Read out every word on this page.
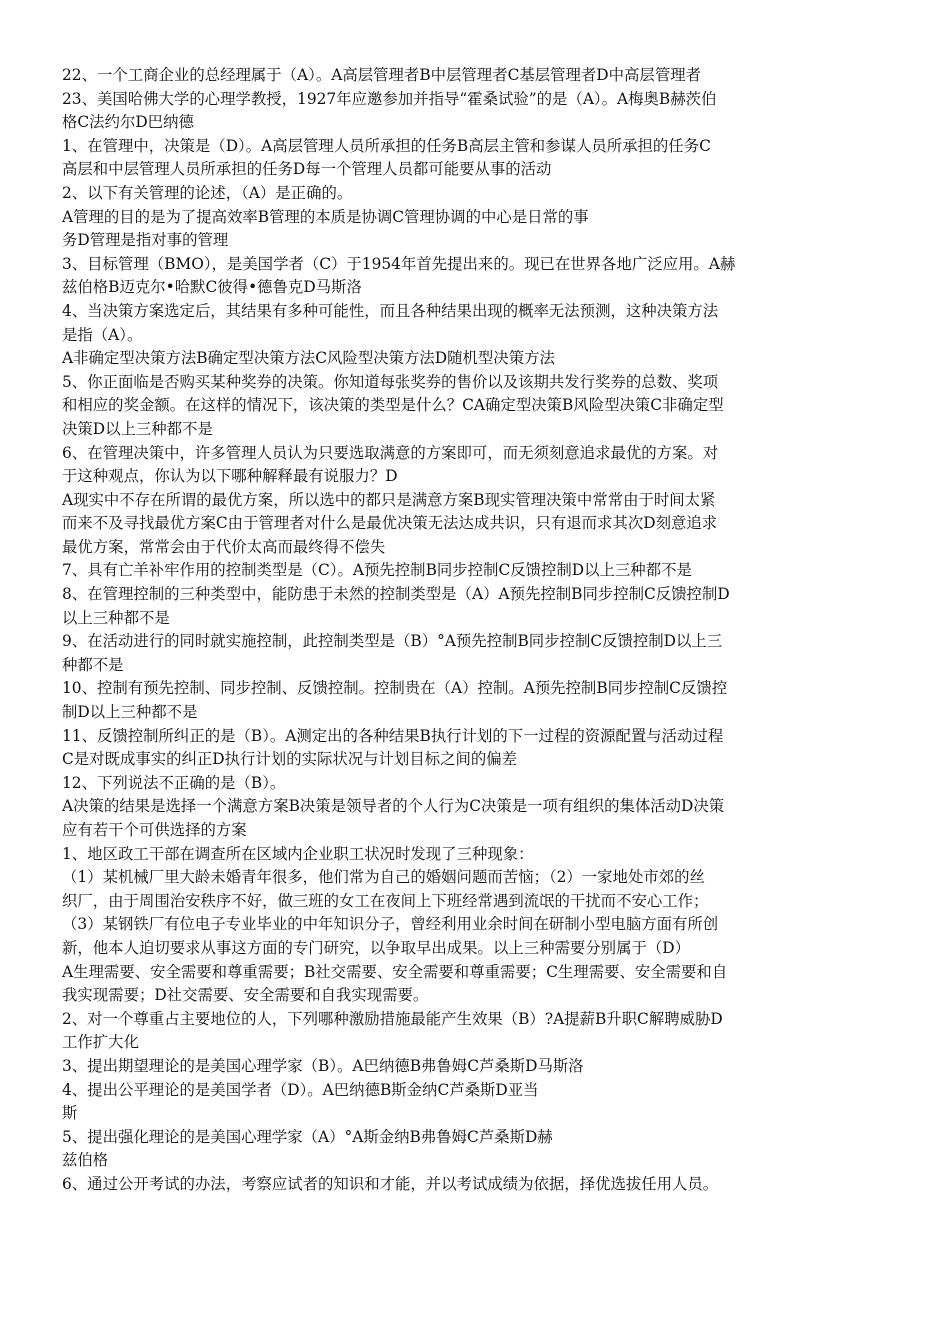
22、一个工商企业的总经理属于（A）。A高层管理者B中层管理者C基层管理者D中高层管理者
23、美国哈佛大学的心理学教授，1927年应邀参加并指导“霍桑试验”的是（A）。A梅奥B赫茨伯
格C法约尔D巴纳德
1、在管理中，决策是（D）。A高层管理人员所承担的任务B高层主管和参谋人员所承担的任务C
高层和中层管理人员所承担的任务D每一个管理人员都可能要从事的活动
2、以下有关管理的论述，（A）是正确的。
A管理的目的是为了提高效率B管理的本质是协调C管理协调的中心是日常的事
务D管理是指对事的管理
3、目标管理（BMO），是美国学者（C）于1954年首先提出来的。现已在世界各地广泛应用。A赫
兹伯格B迈克尔•哈默C彼得•德鲁克D马斯洛
4、当决策方案选定后，其结果有多种可能性，而且各种结果出现的概率无法预测，这种决策方法
是指（A）。
A非确定型决策方法B确定型决策方法C风险型决策方法D随机型决策方法
5、你正面临是否购买某种奖券的决策。你知道每张奖券的售价以及该期共发行奖券的总数、奖项
和相应的奖金额。在这样的情况下，该决策的类型是什么？CA确定型决策B风险型决策C非确定型
决策D以上三种都不是
6、在管理决策中，许多管理人员认为只要选取满意的方案即可，而无须刻意追求最优的方案。对
于这种观点，你认为以下哪种解释最有说服力？D
A现实中不存在所谓的最优方案，所以选中的都只是满意方案B现实管理决策中常常由于时间太紧
而来不及寻找最优方案C由于管理者对什么是最优决策无法达成共识，只有退而求其次D刻意追求
最优方案，常常会由于代价太高而最终得不偿失
7、具有亡羊补牢作用的控制类型是（C）。A预先控制B同步控制C反馈控制D以上三种都不是
8、在管理控制的三种类型中，能防患于未然的控制类型是（A）A预先控制B同步控制C反馈控制D
以上三种都不是
9、在活动进行的同时就实施控制，此控制类型是（B）°A预先控制B同步控制C反馈控制D以上三
种都不是
10、控制有预先控制、同步控制、反馈控制。控制贵在（A）控制。A预先控制B同步控制C反馈控
制D以上三种都不是
11、反馈控制所纠正的是（B）。A测定出的各种结果B执行计划的下一过程的资源配置与活动过程
C是对既成事实的纠正D执行计划的实际状况与计划目标之间的偏差
12、下列说法不正确的是（B）。
A决策的结果是选择一个满意方案B决策是领导者的个人行为C决策是一项有组织的集体活动D决策
应有若干个可供选择的方案
1、地区政工干部在调查所在区域内企业职工状况时发现了三种现象：
（1）某机械厂里大龄未婚青年很多，他们常为自己的婚姻问题而苦恼；（2）一家地处市郊的丝
织厂，由于周围治安秩序不好，做三班的女工在夜间上下班经常遇到流氓的干扰而不安心工作；
（3）某钢铁厂有位电子专业毕业的中年知识分子，曾经利用业余时间在研制小型电脑方面有所创
新，他本人迫切要求从事这方面的专门研究，以争取早出成果。以上三种需要分别属于（D）
A生理需要、安全需要和尊重需要；B社交需要、安全需要和尊重需要；C生理需要、安全需要和自
我实现需要；D社交需要、安全需要和自我实现需要。
2、对一个尊重占主要地位的人，下列哪种激励措施最能产生效果（B）?A提薪B升职C解聘威胁D
工作扩大化
3、提出期望理论的是美国心理学家（B）。A巴纳德B弗鲁姆C芦桑斯D马斯洛
4、提出公平理论的是美国学者（D）。A巴纳德B斯金纳C芦桑斯D亚当
斯
5、提出强化理论的是美国心理学家（A）°A斯金纳B弗鲁姆C芦桑斯D赫
兹伯格
6、通过公开考试的办法，考察应试者的知识和才能，并以考试成绩为依据，择优选拔任用人员。
